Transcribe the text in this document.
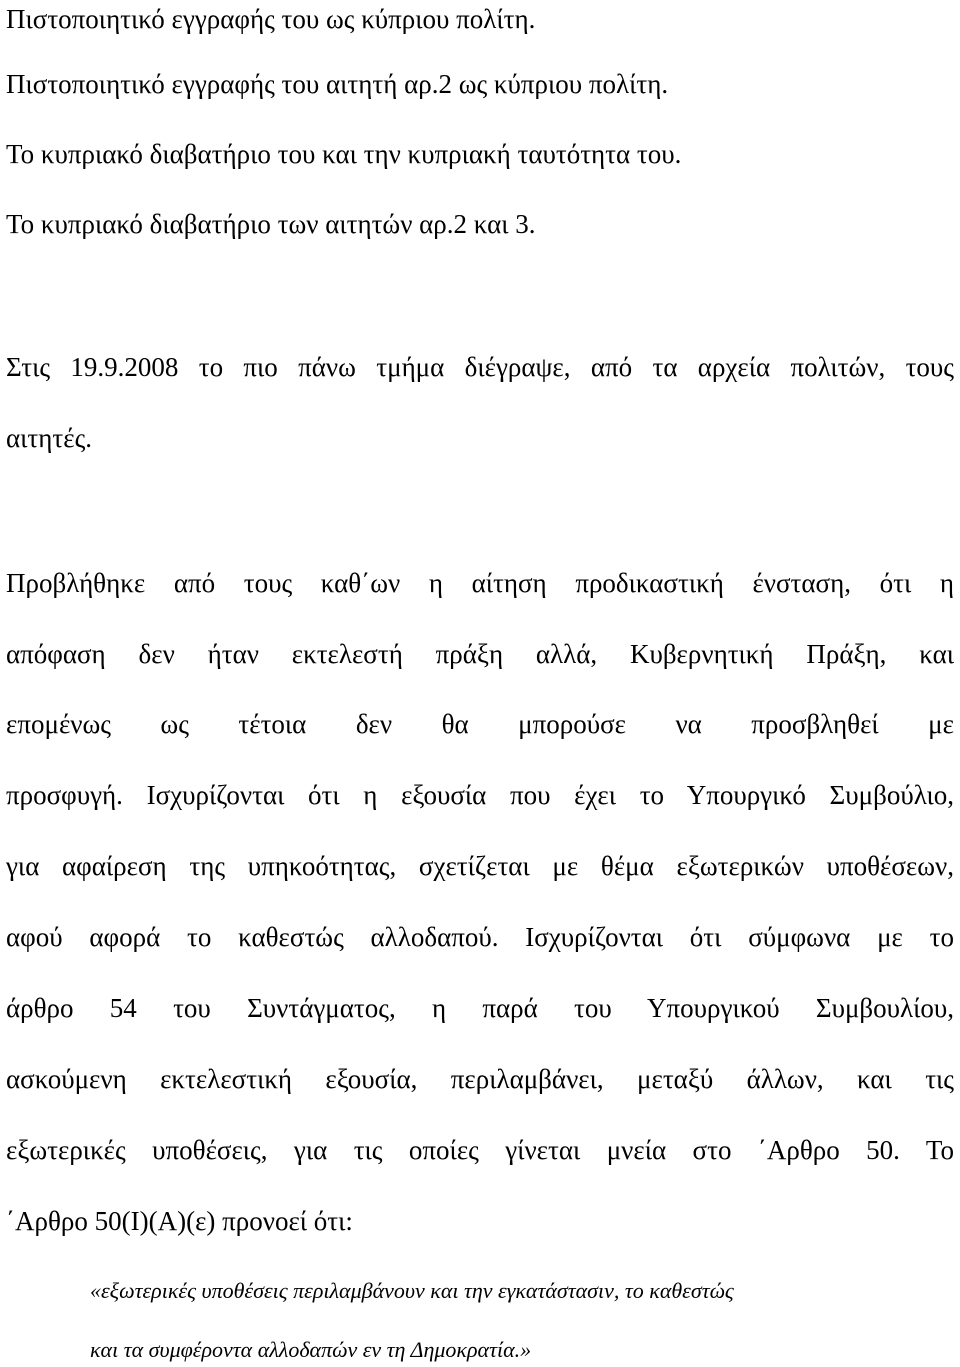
Πιστοποιητικό εγγραφής του ως κύπριου πολίτη.

Πιστοποιητικό εγγραφής του αιτητή αρ.2 ως κύπριου πολίτη.

Το κυπριακό διαβατήριο του και την κυπριακή ταυτότητα του.

Το κυπριακό διαβατήριο των αιτητών αρ.2 και 3.

Στις 19.9.2008 το πιο πάνω τμήμα διέγραψε, από τα αρχεία πολιτών, τους

αιτητές.

Προβλήθηκε από τους καθ΄ων η αίτηση προδικαστική ένσταση, ότι η

απόφαση δεν ήταν εκτελεστή πράξη αλλά, Κυβερνητική Πράξη, και

επομένως ως τέτοια δεν θα μπορούσε να προσβληθεί με

προσφυγή. Ισχυρίζονται ότι η εξουσία που έχει το Υπουργικό Συμβούλιο,

για αφαίρεση της υπηκοότητας, σχετίζεται με θέμα εξωτερικών υποθέσεων,

αφού αφορά το καθεστώς αλλοδαπού. Ισχυρίζονται ότι σύμφωνα με το

άρθρο 54 του Συντάγματος, η παρά του Υπουργικού Συμβουλίου,

ασκούμενη εκτελεστική εξουσία, περιλαμβάνει, μεταξύ άλλων, και τις

εξωτερικές υποθέσεις, για τις οποίες γίνεται μνεία στο ΄Αρθρο 50. Το

΄Αρθρο 50(Ι)(Α)(ε) προνοεί ότι:

«εξωτερικές υποθέσεις περιλαμβάνουν και την εγκατάστασιν, το καθεστώς

και τα συμφέροντα αλλοδαπών εν τη Δημοκρατία.»
